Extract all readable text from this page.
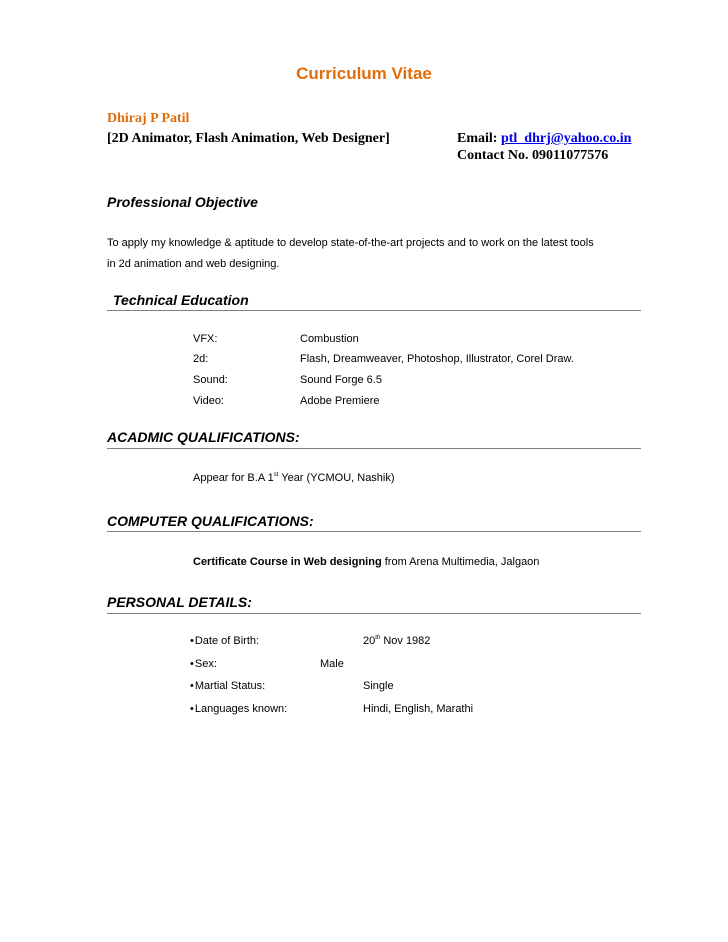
Curriculum Vitae
Dhiraj P Patil
[2D Animator, Flash Animation, Web Designer]	Email: ptl_dhrj@yahoo.co.in
Contact No. 09011077576
Professional Objective
To apply my knowledge & aptitude to develop state-of-the-art projects and to work on the latest tools
in 2d animation and web designing.
Technical Education
VFX:	Combustion
2d:	Flash, Dreamweaver, Photoshop, Illustrator, Corel Draw.
Sound:	Sound Forge 6.5
Video:	Adobe Premiere
ACADMIC QUALIFICATIONS:
Appear for B.A 1st Year (YCMOU, Nashik)
COMPUTER QUALIFICATIONS:
Certificate Course in Web designing from Arena Multimedia, Jalgaon
PERSONAL DETAILS:
•Date of Birth:	20th Nov 1982
•Sex:	Male
•Martial Status:	Single
•Languages known:	Hindi, English, Marathi
